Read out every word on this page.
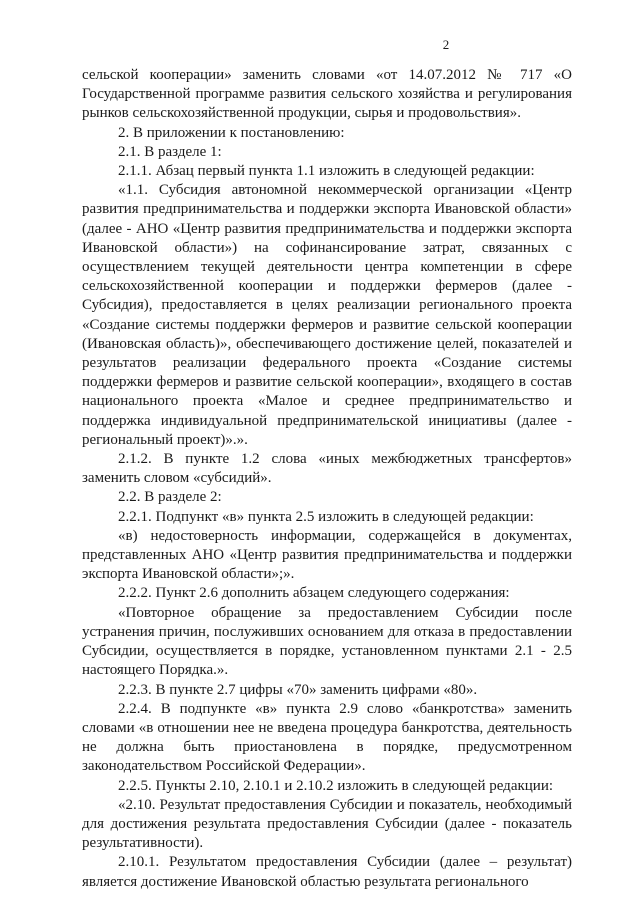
2

сельской кооперации» заменить словами «от 14.07.2012 № 717 «О Государственной программе развития сельского хозяйства и регулирования рынков сельскохозяйственной продукции, сырья и продовольствия».

2. В приложении к постановлению:

2.1. В разделе 1:

2.1.1. Абзац первый пункта 1.1 изложить в следующей редакции:

«1.1. Субсидия автономной некоммерческой организации «Центр развития предпринимательства и поддержки экспорта Ивановской области» (далее - АНО «Центр развития предпринимательства и поддержки экспорта Ивановской области») на софинансирование затрат, связанных с осуществлением текущей деятельности центра компетенции в сфере сельскохозяйственной кооперации и поддержки фермеров (далее - Субсидия), предоставляется в целях реализации регионального проекта «Создание системы поддержки фермеров и развитие сельской кооперации (Ивановская область)», обеспечивающего достижение целей, показателей и результатов реализации федерального проекта «Создание системы поддержки фермеров и развитие сельской кооперации», входящего в состав национального проекта «Малое и среднее предпринимательство и поддержка индивидуальной предпринимательской инициативы (далее - региональный проект)».».

2.1.2. В пункте 1.2 слова «иных межбюджетных трансфертов» заменить словом «субсидий».

2.2. В разделе 2:

2.2.1. Подпункт «в» пункта 2.5 изложить в следующей редакции:

«в) недостоверность информации, содержащейся в документах, представленных АНО «Центр развития предпринимательства и поддержки экспорта Ивановской области»;».

2.2.2. Пункт 2.6 дополнить абзацем следующего содержания:

«Повторное обращение за предоставлением Субсидии после устранения причин, послуживших основанием для отказа в предоставлении Субсидии, осуществляется в порядке, установленном пунктами 2.1 - 2.5 настоящего Порядка.».

2.2.3. В пункте 2.7 цифры «70» заменить цифрами «80».

2.2.4. В подпункте «в» пункта 2.9 слово «банкротства» заменить словами «в отношении нее не введена процедура банкротства, деятельность не должна быть приостановлена в порядке, предусмотренном законодательством Российской Федерации».

2.2.5. Пункты 2.10, 2.10.1 и 2.10.2 изложить в следующей редакции:

«2.10. Результат предоставления Субсидии и показатель, необходимый для достижения результата предоставления Субсидии (далее - показатель результативности).

2.10.1. Результатом предоставления Субсидии (далее – результат) является достижение Ивановской областью результата регионального
